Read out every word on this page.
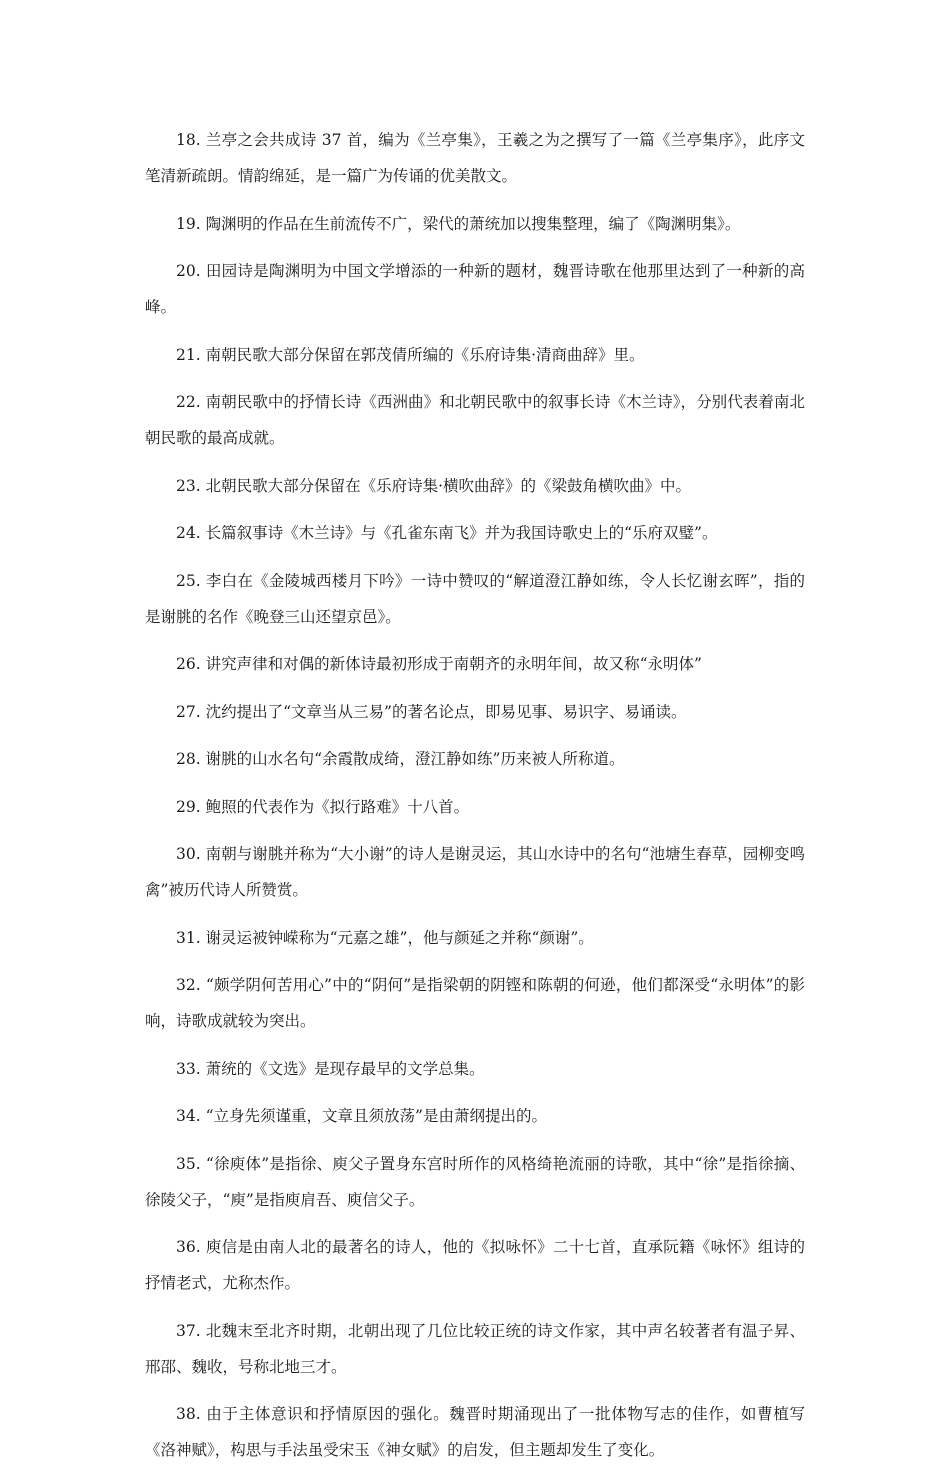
18. 兰亭之会共成诗 37 首，编为《兰亭集》，王羲之为之撰写了一篇《兰亭集序》，此序文笔清新疏朗。情韵绵延，是一篇广为传诵的优美散文。

19. 陶渊明的作品在生前流传不广，梁代的萧统加以搜集整理，编了《陶渊明集》。

20. 田园诗是陶渊明为中国文学增添的一种新的题材，魏晋诗歌在他那里达到了一种新的高峰。

21. 南朝民歌大部分保留在郭茂倩所编的《乐府诗集·清商曲辞》里。

22. 南朝民歌中的抒情长诗《西洲曲》和北朝民歌中的叙事长诗《木兰诗》，分别代表着南北朝民歌的最高成就。

23. 北朝民歌大部分保留在《乐府诗集·横吹曲辞》的《梁鼓角横吹曲》中。

24. 长篇叙事诗《木兰诗》与《孔雀东南飞》并为我国诗歌史上的“乐府双璧”。

25. 李白在《金陵城西楼月下吟》一诗中赞叹的“解道澄江静如练，令人长忆谢玄晖”，指的是谢朓的名作《晚登三山还望京邑》。

26. 讲究声律和对偶的新体诗最初形成于南朝齐的永明年间，故又称“永明体”

27. 沈约提出了“文章当从三易”的著名论点，即易见事、易识字、易诵读。

28. 谢朓的山水名句“余霞散成绮，澄江静如练”历来被人所称道。

29. 鲍照的代表作为《拟行路难》十八首。

30. 南朝与谢朓并称为“大小谢”的诗人是谢灵运，其山水诗中的名句“池塘生春草，园柳变鸣禽”被历代诗人所赞赏。

31. 谢灵运被钟嵘称为“元嘉之雄”，他与颜延之并称“颜谢”。

32. “颇学阴何苦用心”中的“阴何”是指梁朝的阴铿和陈朝的何逊，他们都深受“永明体”的影响，诗歌成就较为突出。

33. 萧统的《文选》是现存最早的文学总集。

34. “立身先须谨重，文章且须放荡”是由萧纲提出的。

35. “徐庾体”是指徐、庾父子置身东宫时所作的风格绮艳流丽的诗歌，其中“徐”是指徐摘、徐陵父子，“庾”是指庾肩吾、庾信父子。

36. 庾信是由南人北的最著名的诗人，他的《拟咏怀》二十七首，直承阮籍《咏怀》组诗的抒情老式，尤称杰作。

37. 北魏末至北齐时期，北朝出现了几位比较正统的诗文作家，其中声名较著者有温子昇、邢邵、魏收，号称北地三才。

38. 由于主体意识和抒情原因的强化。魏晋时期涌现出了一批体物写志的佳作，如曹植写《洛神赋》，构思与手法虽受宋玉《神女赋》的启发，但主题却发生了变化。
